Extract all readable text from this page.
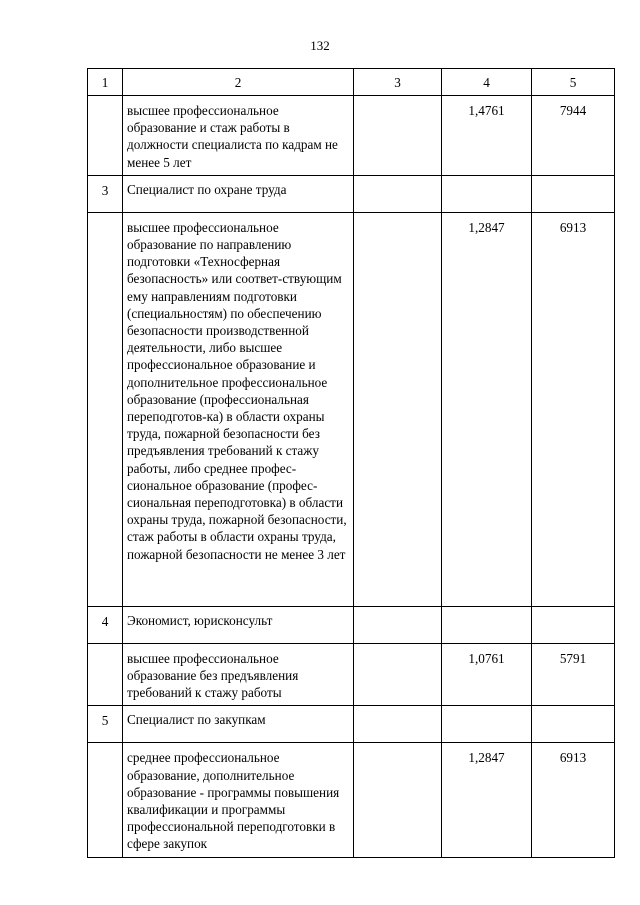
132
1	2	3	4	5
	высшее профессиональное образование и стаж работы в должности специалиста по кадрам не менее 5 лет		1,4761	7944
3	Специалист по охране труда			
	высшее профессиональное образование по направлению подготовки «Техносферная безопасность» или соответ-ствующим ему направлениям подготовки (специальностям) по обеспечению безопасности производственной деятельности, либо высшее профессиональное образование и дополнительное профессиональное образование (профессиональная переподготов-ка) в области охраны труда, пожарной безопасности без предъявления требований к стажу работы, либо среднее профес-сиональное образование (профес-сиональная переподготовка) в области охраны труда, пожарной безопасности, стаж работы в области охраны труда, пожарной безопасности не менее 3 лет		1,2847	6913
4	Экономист, юрисконсульт			
	высшее профессиональное образование без предъявления требований к стажу работы		1,0761	5791
5	Специалист по закупкам			
	среднее профессиональное образование, дополнительное образование - программы повышения квалификации и программы профессиональной переподготовки в сфере закупок		1,2847	6913
